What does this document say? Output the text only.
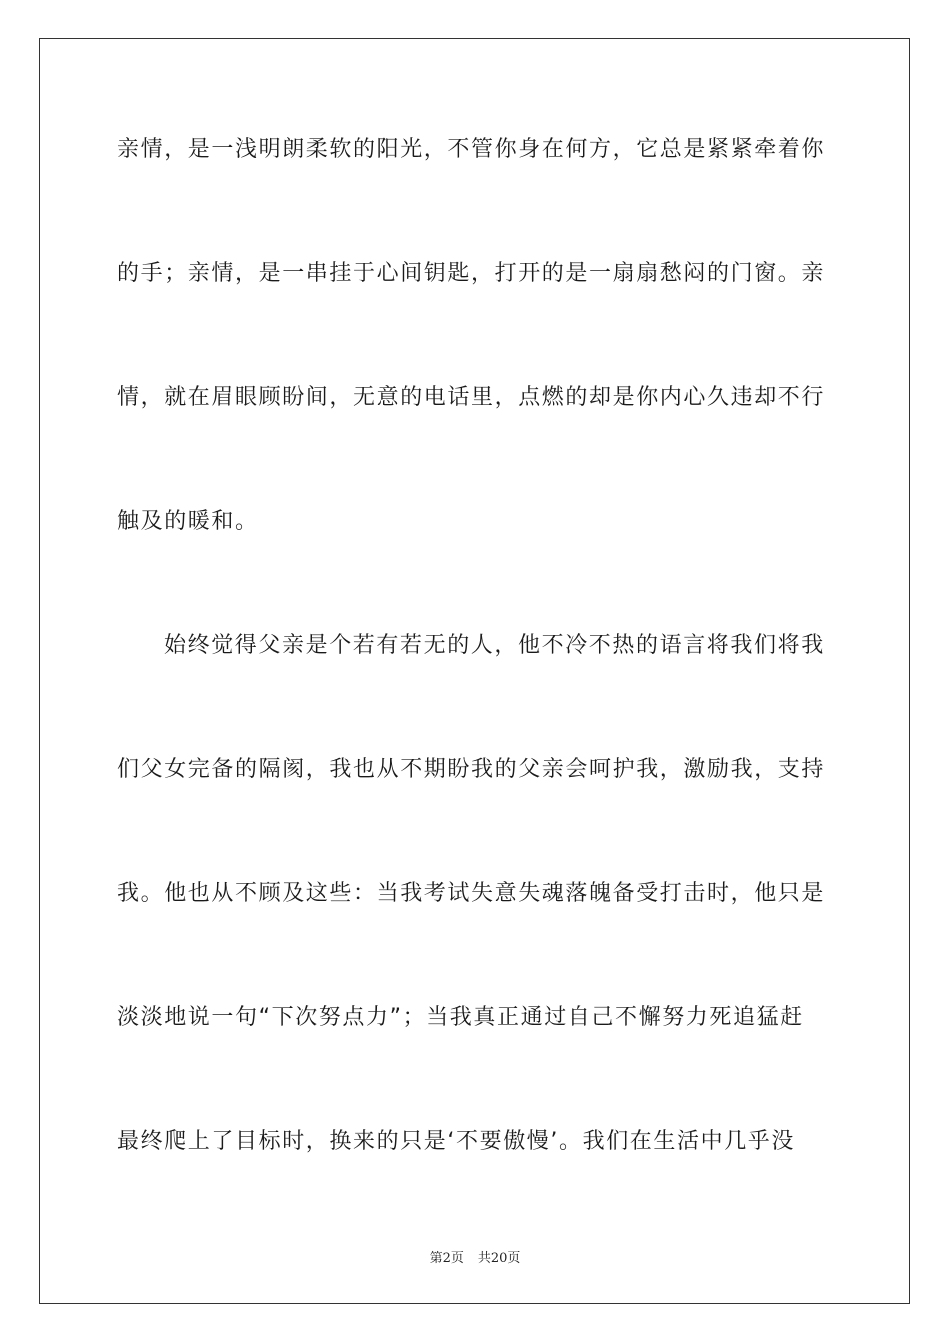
亲情，是一浅明朗柔软的阳光，不管你身在何方，它总是紧紧牵着你
的手；亲情，是一串挂于心间钥匙，打开的是一扇扇愁闷的门窗。亲
情，就在眉眼顾盼间，无意的电话里，点燃的却是你内心久违却不行
触及的暖和。
始终觉得父亲是个若有若无的人，他不冷不热的语言将我们将我
们父女完备的隔阂，我也从不期盼我的父亲会呵护我，激励我，支持
我。他也从不顾及这些：当我考试失意失魂落魄备受打击时，他只是
淡淡地说一句“下次努点力”；当我真正通过自己不懈努力死追猛赶
最终爬上了目标时，换来的只是‘不要傲慢’。我们在生活中几乎没
第2页 共20页
